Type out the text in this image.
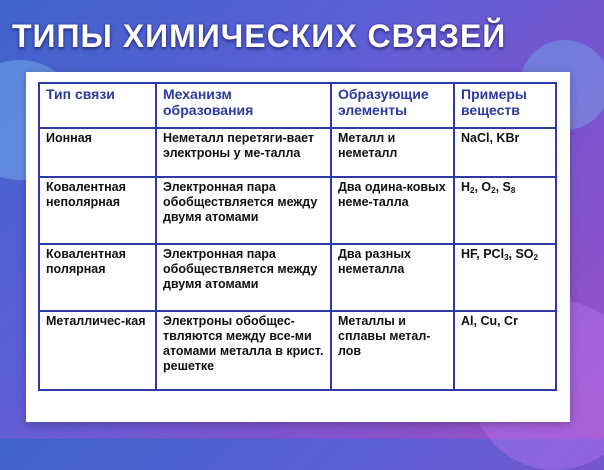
ТИПЫ ХИМИЧЕСКИХ СВЯЗЕЙ
Тип связи	Механизм образования	Образующие элементы	Примеры веществ
Ионная	Неметалл перетяги-вает электроны у ме-талла	Металл и неметалл	NaCl, KBr
Ковалентная неполярная	Электронная пара обобществляется между двумя атомами	Два одина-ковых неме-талла	$H_2$, $O_2$, $S_8$
Ковалентная полярная	Электронная пара обобществляется между двумя атомами	Два разных неметалла	HF, PCl$_3$, $SO_2$
Металличес-кая	Электроны обобщес-твляются между все-ми атомами металла в крист. решетке	Металлы и сплавы метал-лов	Al, Cu, Cr
